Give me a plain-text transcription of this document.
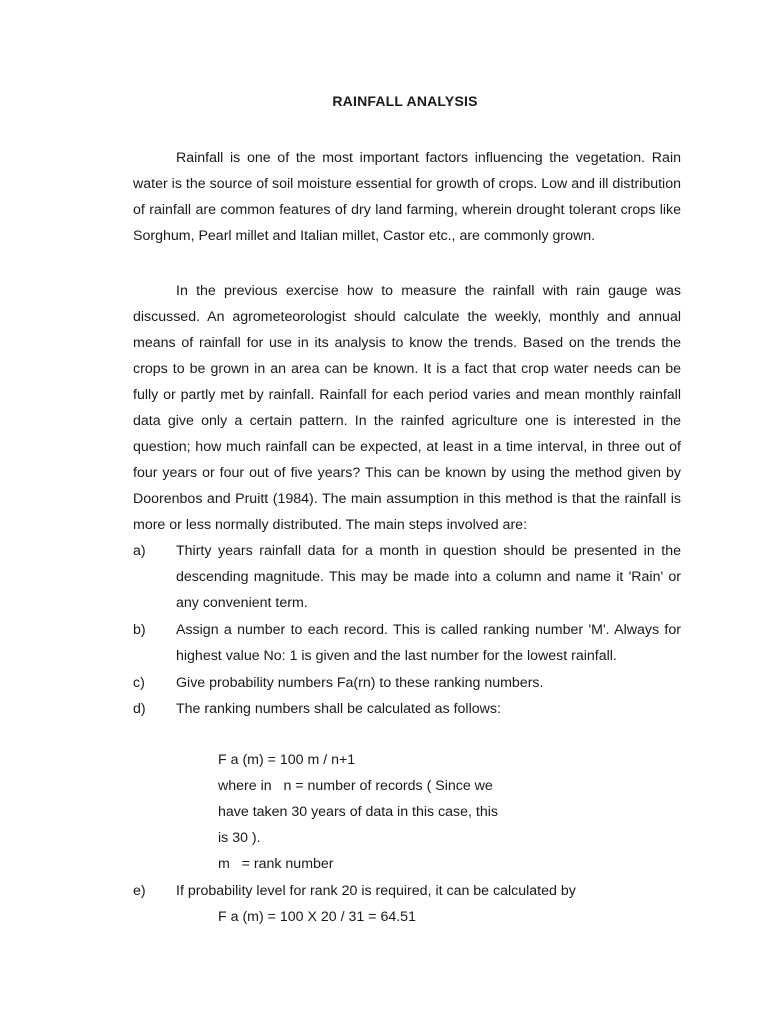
RAINFALL ANALYSIS

Rainfall is one of the most important factors influencing the vegetation. Rain water is the source of soil moisture essential for growth of crops. Low and ill distribution of rainfall are common features of dry land farming, wherein drought tolerant crops like Sorghum, Pearl millet and Italian millet, Castor etc., are commonly grown.

In the previous exercise how to measure the rainfall with rain gauge was discussed. An agrometeorologist should calculate the weekly, monthly and annual means of rainfall for use in its analysis to know the trends. Based on the trends the crops to be grown in an area can be known. It is a fact that crop water needs can be fully or partly met by rainfall. Rainfall for each period varies and mean monthly rainfall data give only a certain pattern. In the rainfed agriculture one is interested in the question; how much rainfall can be expected, at least in a time interval, in three out of four years or four out of five years? This can be known by using the method given by Doorenbos and Pruitt (1984). The main assumption in this method is that the rainfall is more or less normally distributed. The main steps involved are:

a) Thirty years rainfall data for a month in question should be presented in the descending magnitude. This may be made into a column and name it 'Rain' or any convenient term.
b) Assign a number to each record. This is called ranking number 'M'. Always for highest value No: 1 is given and the last number for the lowest rainfall.
c) Give probability numbers Fa(rn) to these ranking numbers.
d) The ranking numbers shall be calculated as follows:

F a (m) = 100 m / n+1

where in   n = number of records ( Since we

have taken 30 years of data in this case, this

is 30 ).

m   = rank number

e) If probability level for rank 20 is required, it can be calculated by

F a (m) = 100 X 20 / 31 = 64.51
